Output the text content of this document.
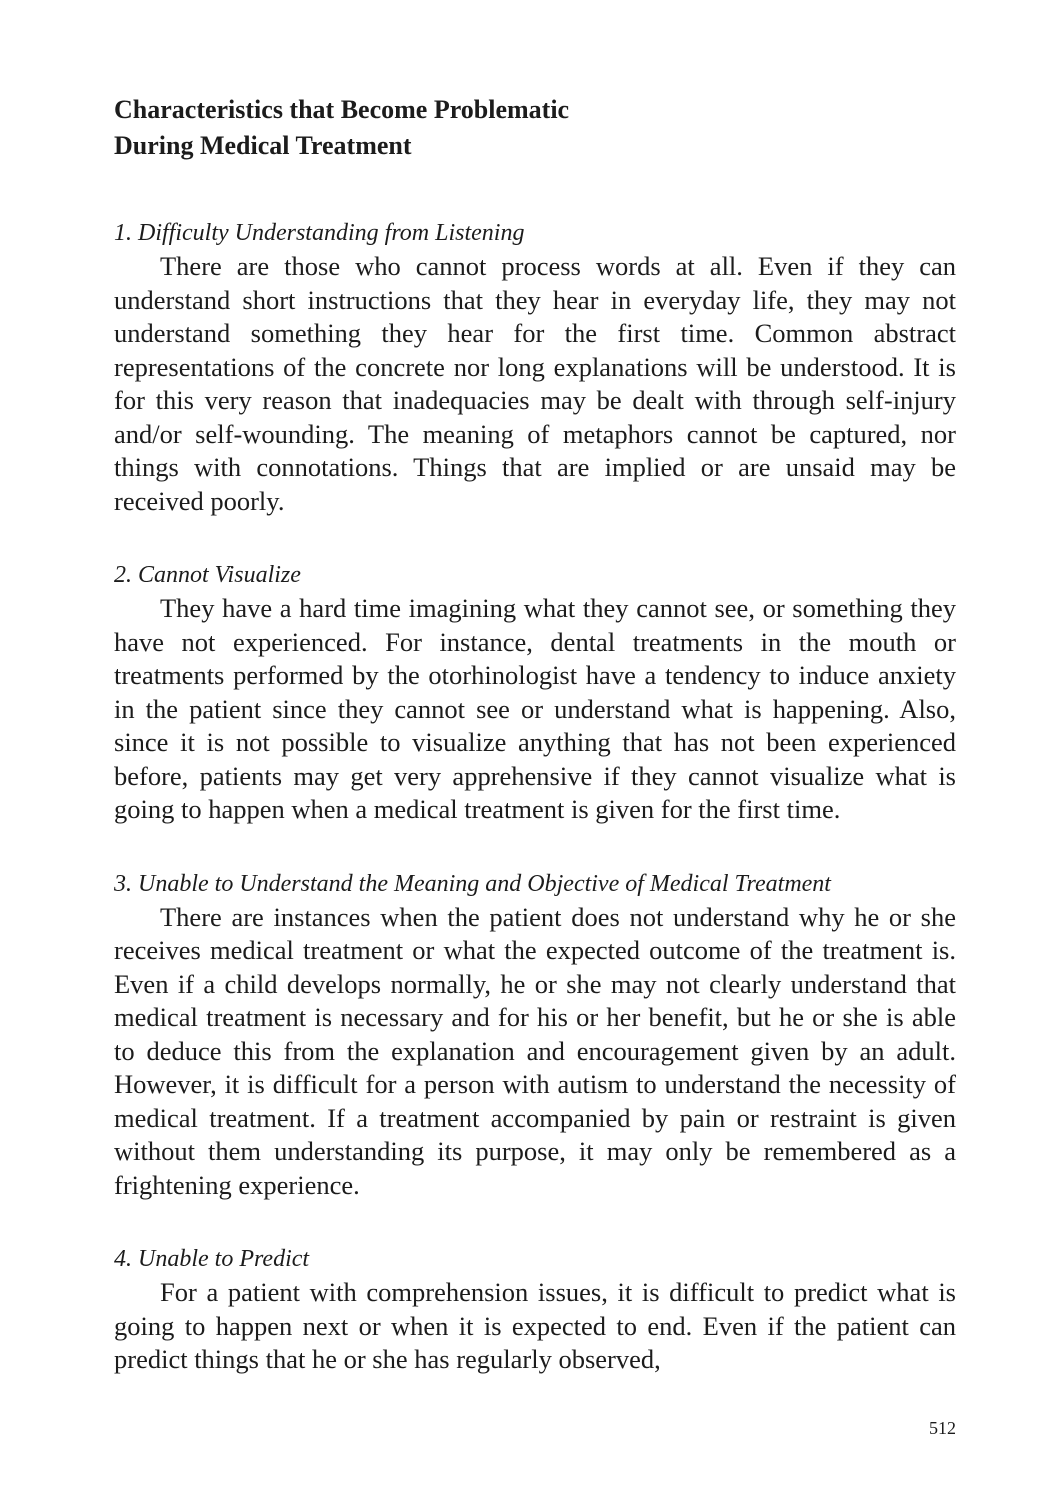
Characteristics that Become Problematic
During Medical Treatment
1. Difficulty Understanding from Listening

There are those who cannot process words at all. Even if they can understand short instructions that they hear in everyday life, they may not understand something they hear for the first time. Common abstract representations of the concrete nor long explanations will be understood. It is for this very reason that inadequacies may be dealt with through self-injury and/or self-wounding. The meaning of metaphors cannot be captured, nor things with connotations. Things that are implied or are unsaid may be received poorly.

2. Cannot Visualize

They have a hard time imagining what they cannot see, or something they have not experienced. For instance, dental treatments in the mouth or treatments performed by the otorhinologist have a tendency to induce anxiety in the patient since they cannot see or understand what is happening. Also, since it is not possible to visualize anything that has not been experienced before, patients may get very apprehensive if they cannot visualize what is going to happen when a medical treatment is given for the first time.

3. Unable to Understand the Meaning and Objective of Medical Treatment

There are instances when the patient does not understand why he or she receives medical treatment or what the expected outcome of the treatment is. Even if a child develops normally, he or she may not clearly understand that medical treatment is necessary and for his or her benefit, but he or she is able to deduce this from the explanation and encouragement given by an adult. However, it is difficult for a person with autism to understand the necessity of medical treatment. If a treatment accompanied by pain or restraint is given without them understanding its purpose, it may only be remembered as a frightening experience.

4. Unable to Predict

For a patient with comprehension issues, it is difficult to predict what is going to happen next or when it is expected to end. Even if the patient can predict things that he or she has regularly observed,

512
